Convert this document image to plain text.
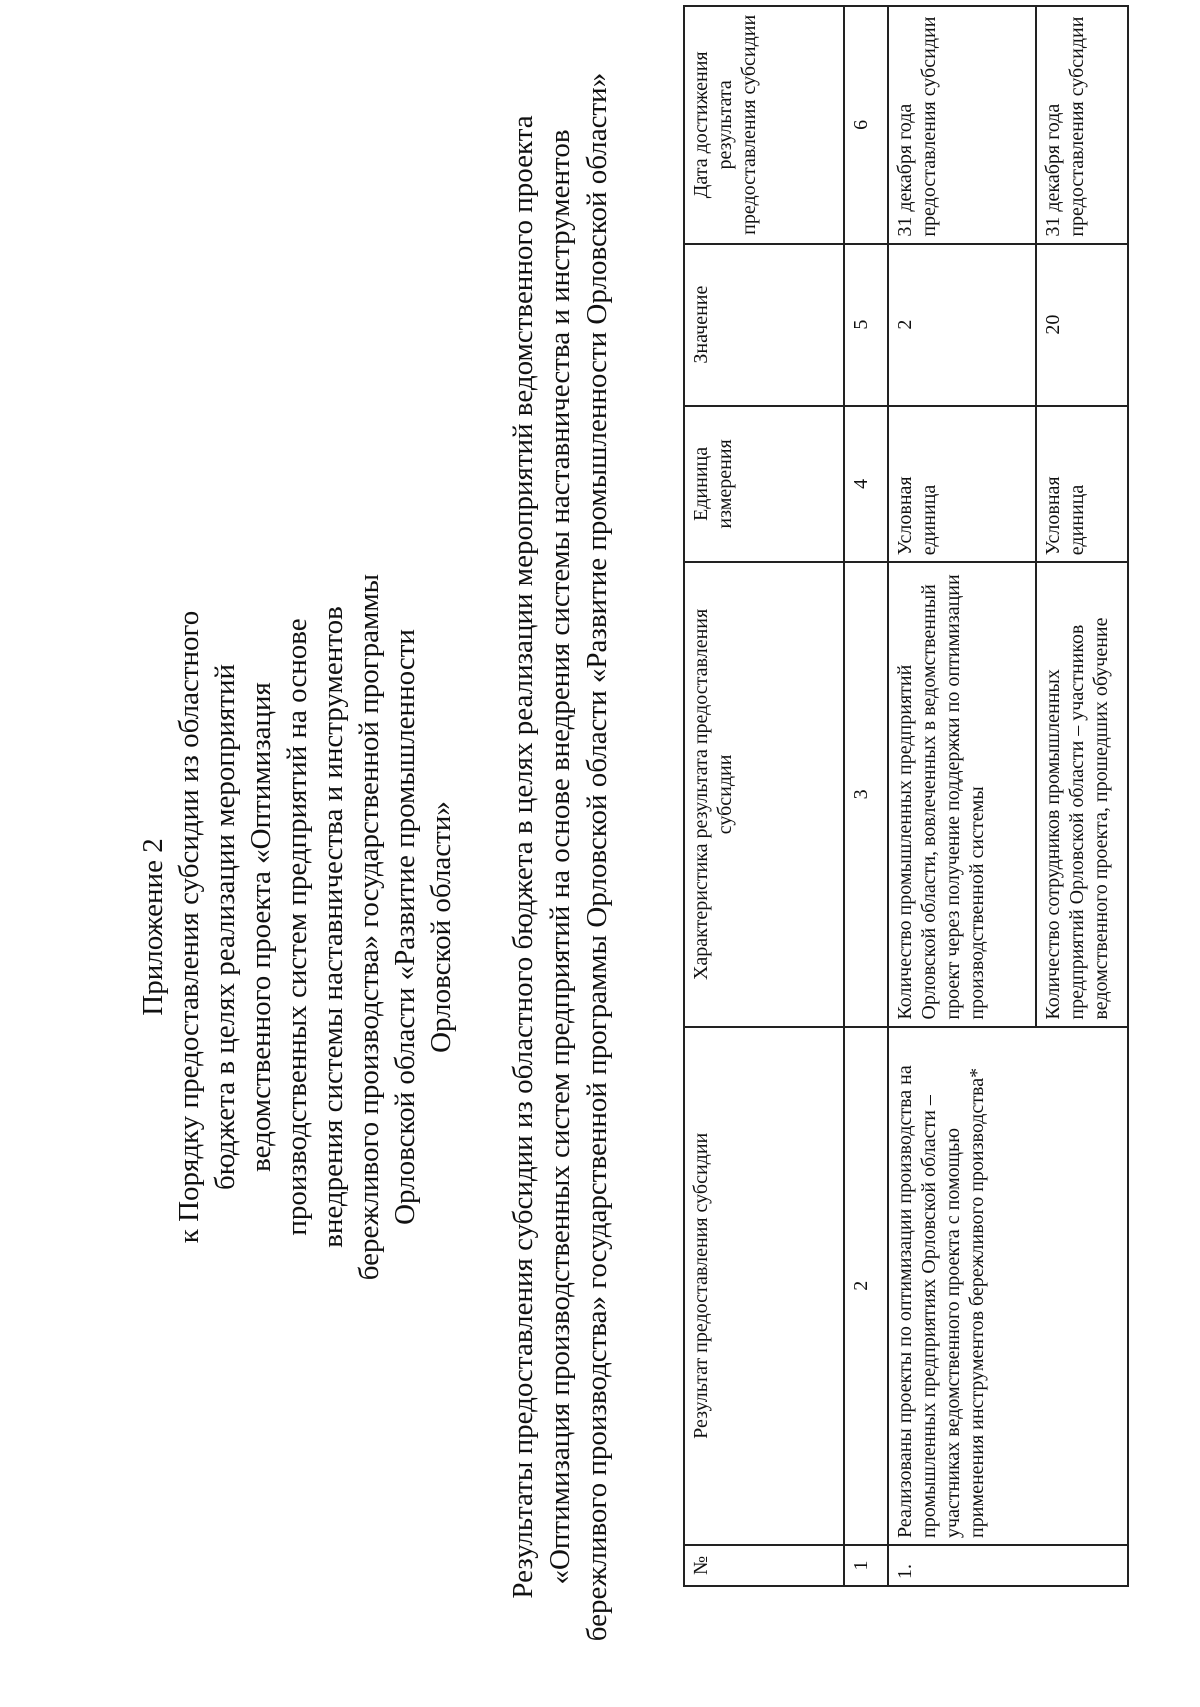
Приложение 2 к Порядку предоставления субсидии из областного бюджета в целях реализации мероприятий ведомственного проекта «Оптимизация производственных систем предприятий на основе внедрения системы наставничества и инструментов бережливого производства» государственной программы Орловской области «Развитие промышленности Орловской области» Результаты предоставления субсидии из областного бюджета в целях реализации мероприятий ведомственного проекта «Оптимизация производственных систем предприятий на основе внедрения системы наставничества и инструментов бережливого производства» государственной программы Орловской области «Развитие промышленности Орловской области»	№	Результат предоставления субсидии	Характеристика результата предоставления субсидии	Единица измерения	Значение	Дата достижения результата предоставления субсидии
1	2	3	4	5	6
1.	Реализованы проекты по оптимизации производства на промышленных предприятиях Орловской области – участниках ведомственного проекта с помощью применения инструментов бережливого производства*	Количество промышленных предприятий Орловской области, вовлеченных в ведомственный проект через получение поддержки по оптимизации производственной системы	Условная единица	2	31 декабря года предоставления субсидии
		Количество сотрудников промышленных предприятий Орловской области – участников ведомственного проекта, прошедших обучение	Условная единица	20	31 декабря года предоставления субсидии
